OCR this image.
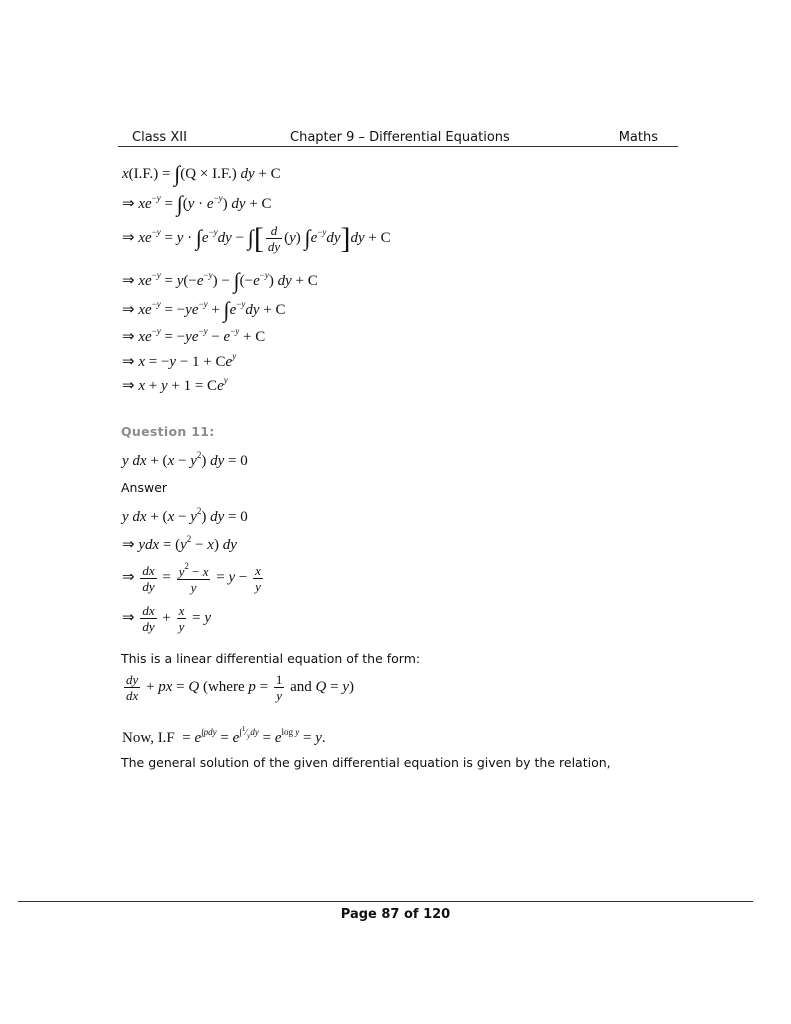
Class XII	Chapter 9 – Differential Equations	Maths
x(I.F.) = ∫(Q × I.F.) dy + C
⇒ $xe^{-y} = \int(y \cdot e^{-y})$ dy + C
⇒ $xe^{-y} = y \cdot \int e^{-y}dy$ − ∫[ $\frac{d}{dy} (y) \int e^{-y}dy]dy + C$
⇒ $xe^{-y} = y(-e^{-y}) - \int(-e^{-y})$ dy + C
⇒ $xe^{-y} = -ye^{-y} + \int e^{-y}dy + C$
⇒ $xe^{-y} = -ye^{-y} - e^{-y} + C$
⇒ $x = -y - 1 + Ce^y$
⇒ $x + y + 1 = Ce^y$
Question 11:
y dx + $(x - y^2)$ dy = 0
Answer
y dx + $(x - y^2)$ dy = 0
⇒ ydx = $(y^2 - x)$ dy
⇒ $\frac{dx}{dy} = \frac{y^2 - x}{y} = y - \frac{x}{y}$
⇒ $\frac{dx}{dy} + \frac{x}{y} = y$
This is a linear differential equation of the form:
$\frac{dy}{dx}$ + px = Q (where $p = \frac{1}{y}$ and Q = y)
Now, $I.F = e^{\int pdy} = e^{\int^1⁄_ydy} = e^{log y} = y$.
The general solution of the given differential equation is given by the relation,
Page 87 of 120
